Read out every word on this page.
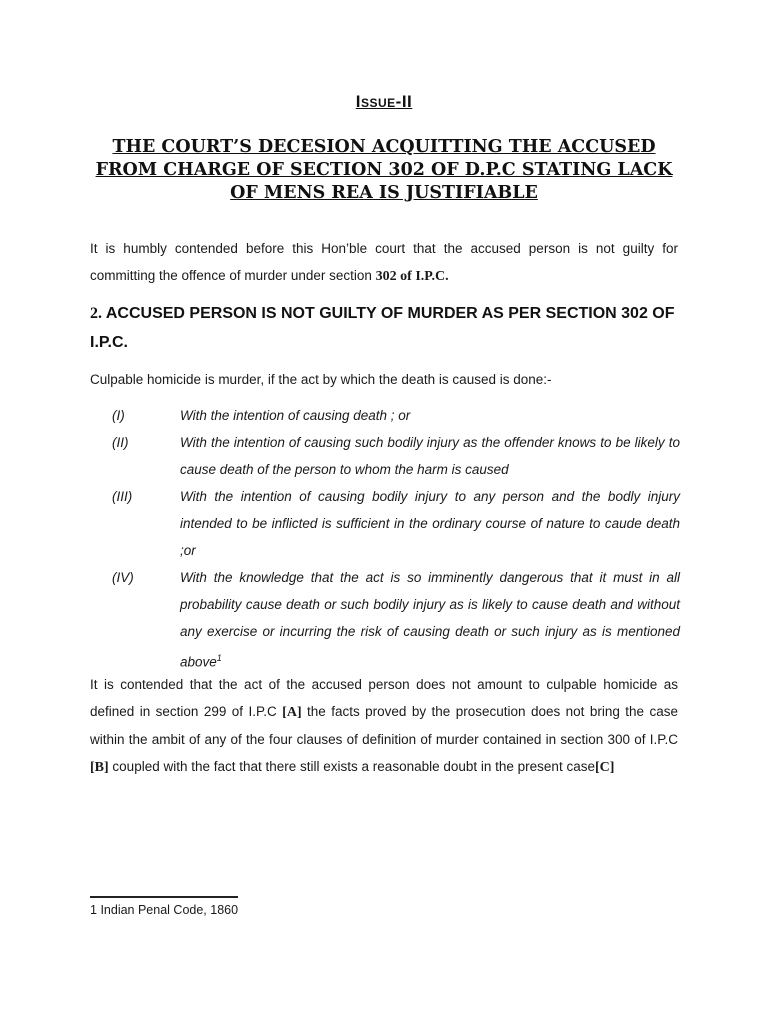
ISSUE-II
THE COURT’S DECESION ACQUITTING THE ACCUSED FROM CHARGE OF SECTION 302 OF D.P.C STATING LACK OF MENS REA IS JUSTIFIABLE

It is humbly contended before this Hon’ble court that the accused person is not guilty for committing the offence of murder under section 302 of I.P.C.

2. ACCUSED PERSON IS NOT GUILTY OF MURDER AS PER SECTION 302 OF I.P.C.

Culpable homicide is murder, if the act by which the death is caused is done:-

(I)	With the intention of causing death ; or
(II)	With the intention of causing such bodily injury as the offender knows to be likely to cause death of the person to whom the harm is caused
(III)	With the intention of causing bodily injury to any person and the bodly injury intended to be inflicted is sufficient in the ordinary course of nature to caude death ;or
(IV)	With the knowledge that the act is so imminently dangerous that it must in all probability cause death or such bodily injury as is likely to cause death and without any exercise or incurring the risk of causing death or such injury as is mentioned above$^1$

It is contended that the act of the accused person does not amount to culpable homicide as defined in section 299 of I.P.C [A] the facts proved by the prosecution does not bring the case within the ambit of any of the four clauses of definition of murder contained in section 300 of I.P.C [B] coupled with the fact that there still exists a reasonable doubt in the present case[C]

1 Indian Penal Code, 1860
